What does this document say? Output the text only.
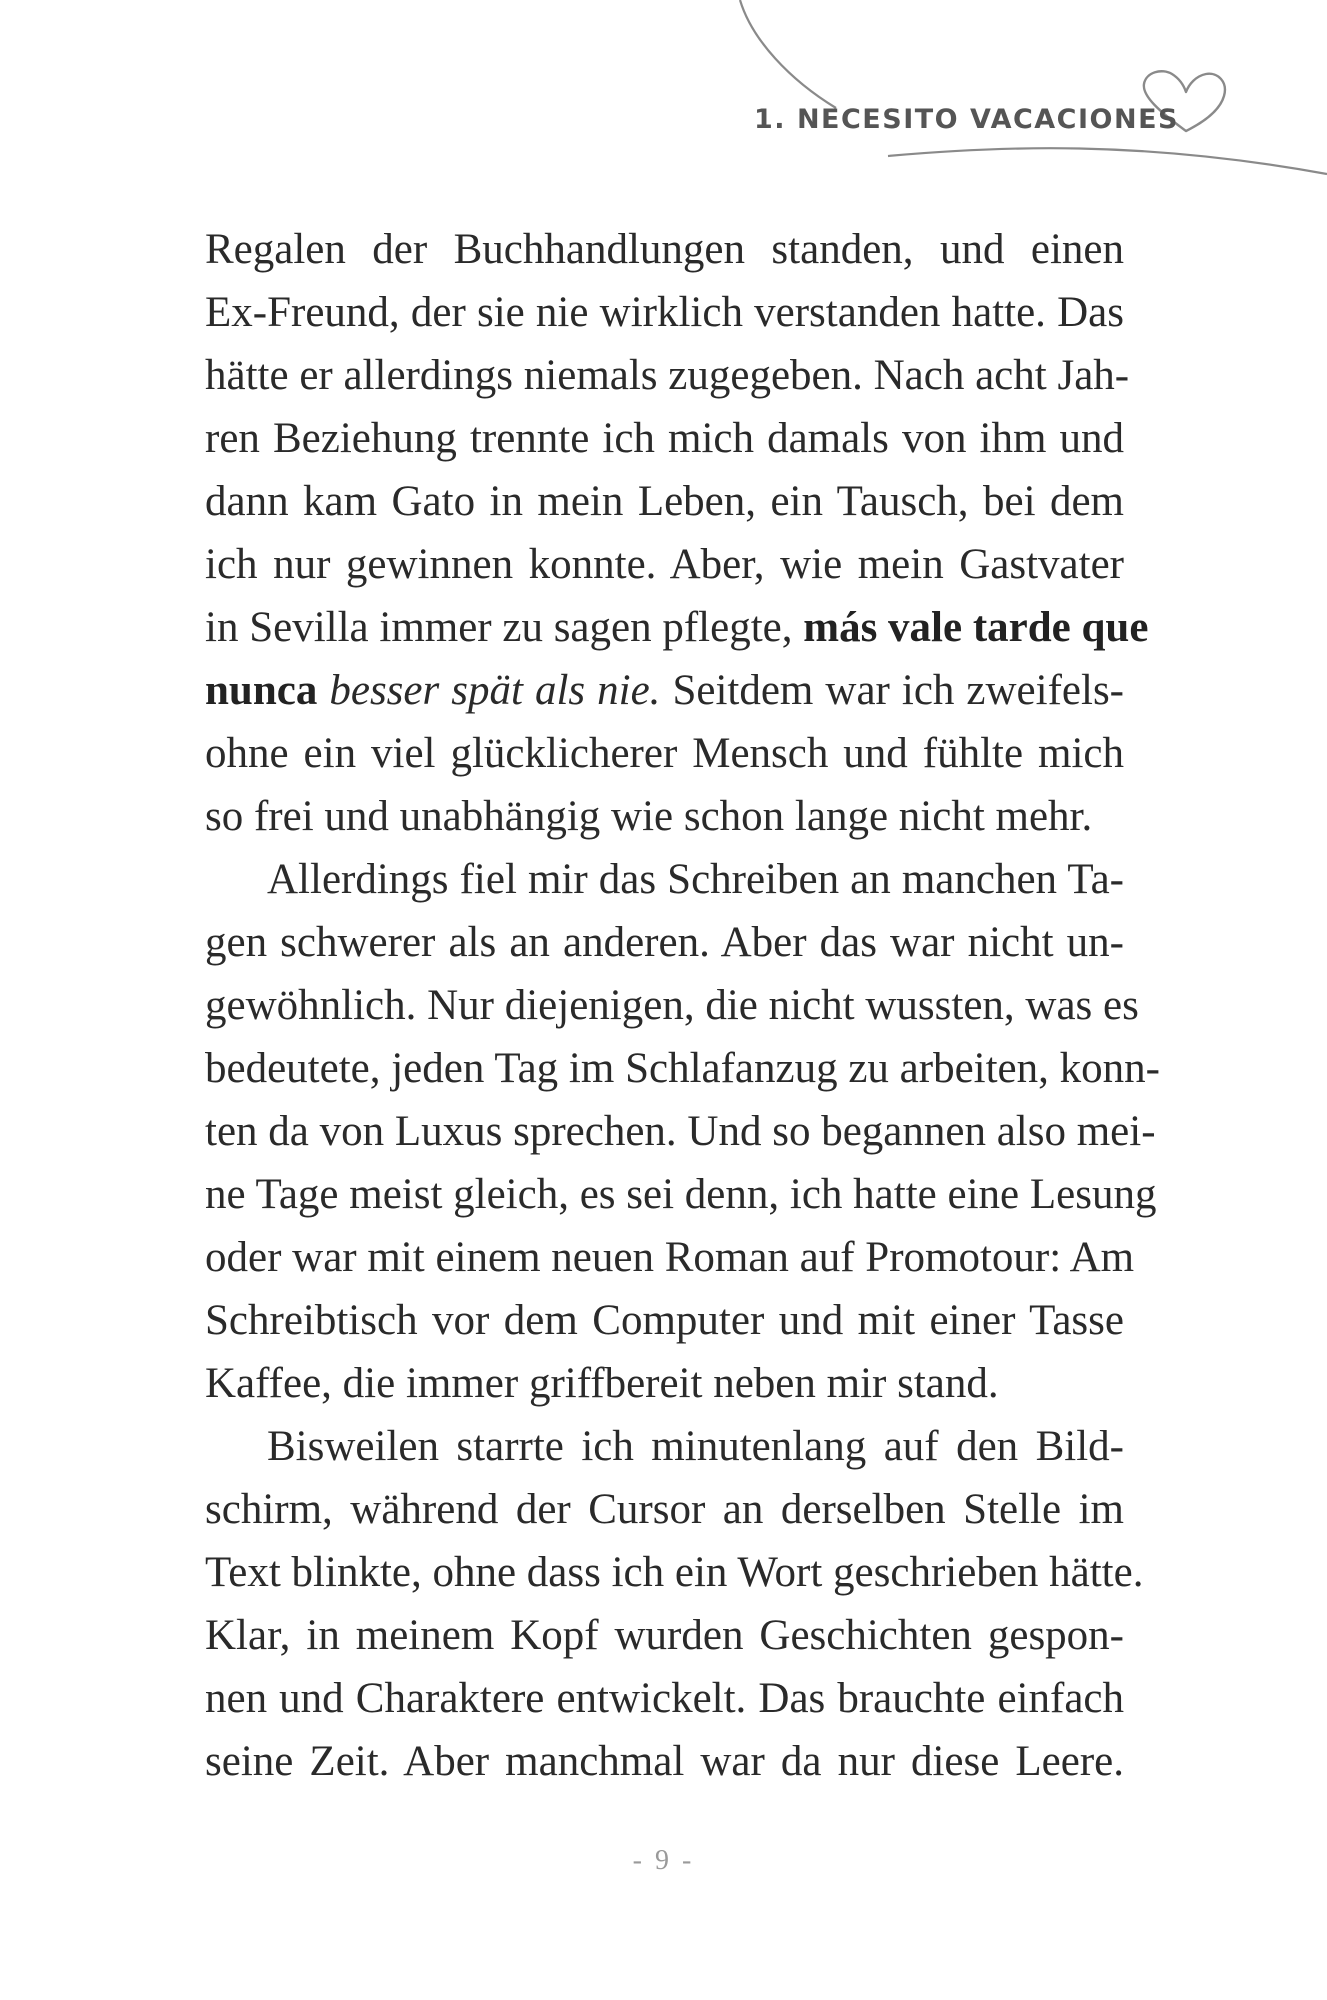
1. NECESITO VACACIONES
Regalen der Buchhandlungen standen, und einen
Ex-Freund, der sie nie wirklich verstanden hatte. Das
hätte er allerdings niemals zugegeben. Nach acht Jah-
ren Beziehung trennte ich mich damals von ihm und
dann kam Gato in mein Leben, ein Tausch, bei dem
ich nur gewinnen konnte. Aber, wie mein Gastvater
in Sevilla immer zu sagen pflegte, más vale tarde que
nunca besser spät als nie. Seitdem war ich zweifels-
ohne ein viel glücklicherer Mensch und fühlte mich
so frei und unabhängig wie schon lange nicht mehr.
Allerdings fiel mir das Schreiben an manchen Ta-
gen schwerer als an anderen. Aber das war nicht un-
gewöhnlich. Nur diejenigen, die nicht wussten, was es
bedeutete, jeden Tag im Schlafanzug zu arbeiten, konn-
ten da von Luxus sprechen. Und so begannen also mei-
ne Tage meist gleich, es sei denn, ich hatte eine Lesung
oder war mit einem neuen Roman auf Promotour: Am
Schreibtisch vor dem Computer und mit einer Tasse
Kaffee, die immer griffbereit neben mir stand.
Bisweilen starrte ich minutenlang auf den Bild-
schirm, während der Cursor an derselben Stelle im
Text blinkte, ohne dass ich ein Wort geschrieben hätte.
Klar, in meinem Kopf wurden Geschichten gespon-
nen und Charaktere entwickelt. Das brauchte einfach
seine Zeit. Aber manchmal war da nur diese Leere.
- 9 -
